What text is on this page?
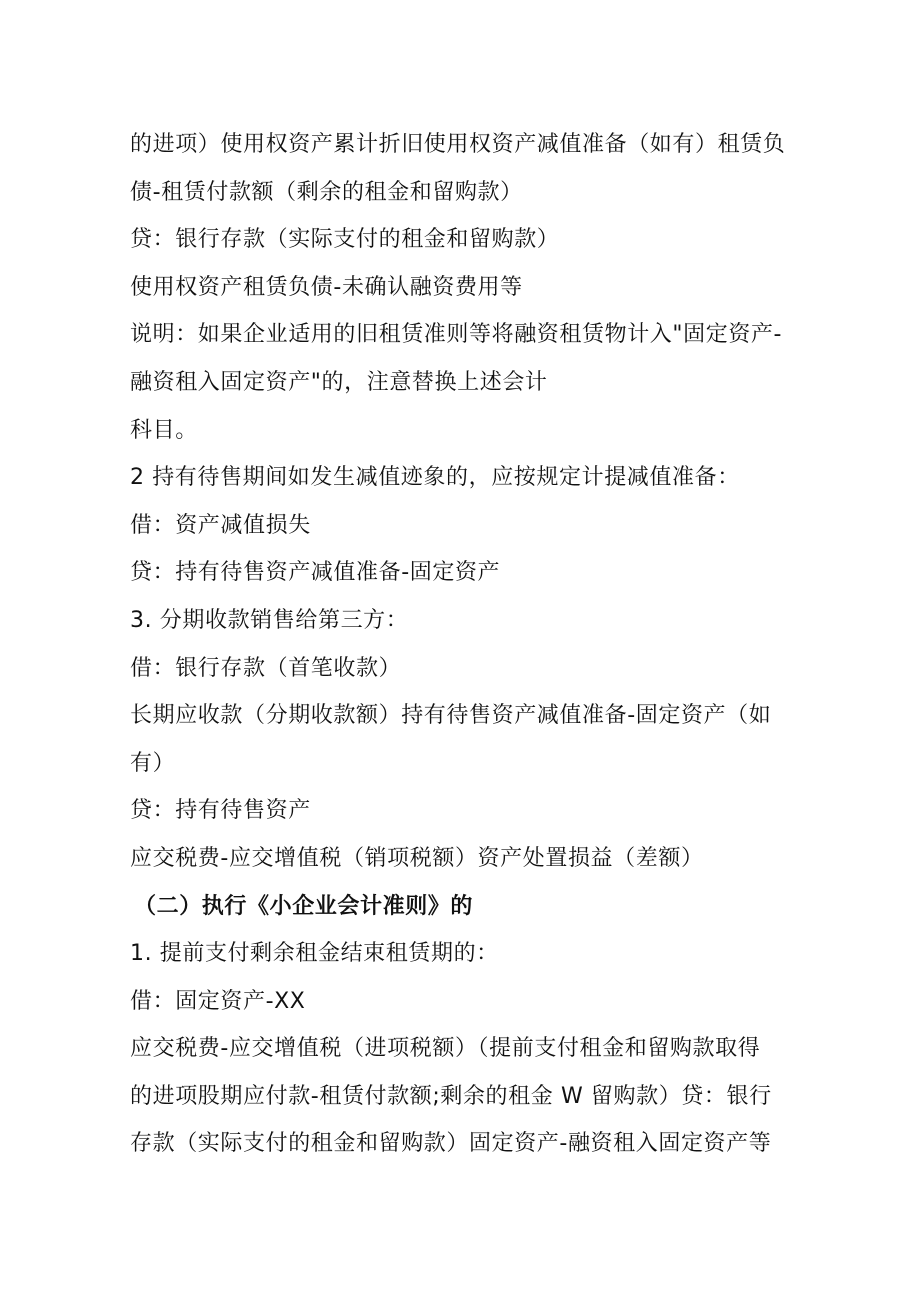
的进项）使用权资产累计折旧使用权资产减值准备（如有）租赁负
债-租赁付款额（剩余的租金和留购款）
贷：银行存款（实际支付的租金和留购款）
使用权资产租赁负债-未确认融资费用等
说明：如果企业适用的旧租赁准则等将融资租赁物计入"固定资产-
融资租入固定资产"的，注意替换上述会计
科目。
2 持有待售期间如发生减值迹象的，应按规定计提减值准备：
借：资产减值损失
贷：持有待售资产减值准备-固定资产
3. 分期收款销售给第三方：
借：银行存款（首笔收款）
长期应收款（分期收款额）持有待售资产减值准备-固定资产（如
有）
贷：持有待售资产
应交税费-应交增值税（销项税额）资产处置损益（差额）
（二）执行《小企业会计准则》的
1. 提前支付剩余租金结束租赁期的：
借：固定资产-XX
应交税费-应交增值税（进项税额）（提前支付租金和留购款取得
的进项股期应付款-租赁付款额;剩余的租金 W 留购款）贷：银行
存款（实际支付的租金和留购款）固定资产-融资租入固定资产等
